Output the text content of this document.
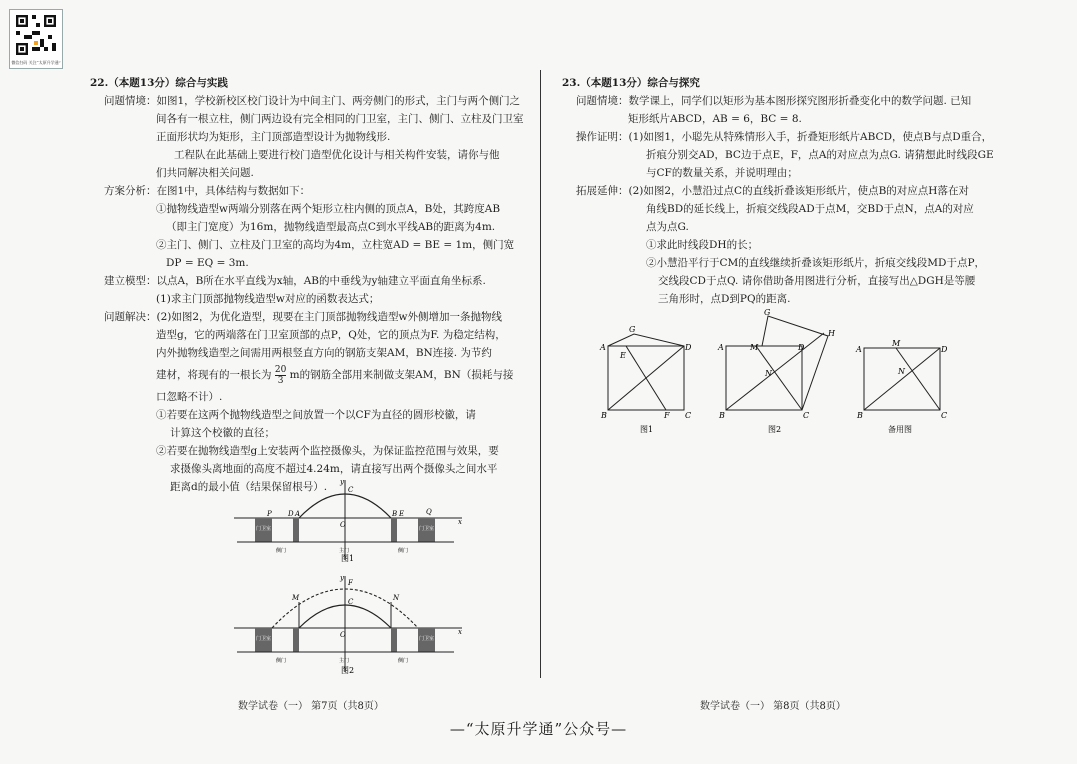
微信扫码 关注“太原升学通”

22.（本题13分）综合与实践

问题情境：如图1，学校新校区校门设计为中间主门、两旁侧门的形式，主门与两个侧门之

间各有一根立柱，侧门两边设有完全相同的门卫室，主门、侧门、立柱及门卫室

正面形状均为矩形，主门顶部造型设计为抛物线形.

工程队在此基础上要进行校门造型优化设计与相关构件安装，请你与他

们共同解决相关问题.

方案分析：在图1中，具体结构与数据如下：

①抛物线造型w两端分别落在两个矩形立柱内侧的顶点A，B处，其跨度AB

（即主门宽度）为16m，抛物线造型最高点C到水平线AB的距离为4m.

②主门、侧门、立柱及门卫室的高均为4m，立柱宽AD = BE = 1m，侧门宽

DP = EQ = 3m.

建立模型：以点A，B所在水平直线为x轴，AB的中垂线为y轴建立平面直角坐标系.

(1)求主门顶部抛物线造型w对应的函数表达式；

问题解决：(2)如图2，为优化造型，现要在主门顶部抛物线造型w外侧增加一条抛物线

造型g，它的两端落在门卫室顶部的点P，Q处，它的顶点为F. 为稳定结构，

内外抛物线造型之间需用两根竖直方向的钢筋支架AM，BN连接. 为节约

建材，将现有的一根长为 $\frac{20}{3}$ m的钢筋全部用来制做支架AM，BN（损耗与接

口忽略不计）.

①若要在这两个抛物线造型之间放置一个以CF为直径的圆形校徽，请

计算这个校徽的直径；

②若要在抛物线造型g上安装两个监控摄像头，为保证监控范围与效果，要

求摄像头离地面的高度不超过4.24m，请直接写出两个摄像头之间水平

距离d的最小值（结果保留根号）.

门卫室	门卫室
侧门	主门	侧门
P D A
O
B E	Q
C
x
y
图1
门卫室	门卫室
侧门	主门	侧门
M	N
F
C
x
y
O
图2

23.（本题13分）综合与探究

问题情境：数学课上，同学们以矩形为基本图形探究图形折叠变化中的数学问题. 已知

矩形纸片ABCD，AB = 6，BC = 8.

操作证明：(1)如图1，小聪先从特殊情形入手，折叠矩形纸片ABCD，使点B与点D重合，

折痕分别交AD，BC边于点E，F，点A的对应点为点G. 请猜想此时线段GE

与CF的数量关系，并说明理由；

拓展延伸：(2)如图2，小慧沿过点C的直线折叠该矩形纸片，使点B的对应点H落在对

角线BD的延长线上，折痕交线段AD于点M，交BD于点N，点A的对应

点为点G.

①求此时线段DH的长；

②小慧沿平行于CM的直线继续折叠该矩形纸片，折痕交线段MD于点P，

交线段CD于点Q. 请你借助备用图进行分析，直接写出△DGH是等腰

三角形时，点D到PQ的距离.

G
A
E
D
B	F C
图1
G
A	M	D
H
N
B	C
图2
A
M
D
N
B	C
备用图
数学试卷（一） 第7页（共8页）	数学试卷（一） 第8页（共8页）
—“太原升学通”公众号—
